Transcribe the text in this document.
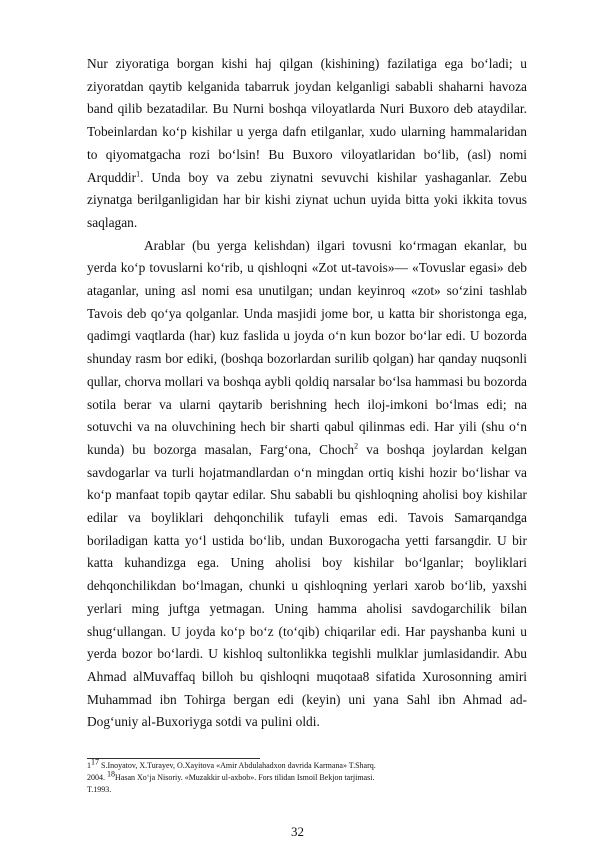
Nur ziyoratiga borgan kishi haj qilgan (kishining) fazilatiga ega bo‘ladi; u ziyoratdan qaytib kelganida tabarruk joydan kelganligi sababli shaharni havoza band qilib bezatadilar. Bu Nurni boshqa viloyatlarda Nuri Buxoro deb ataydilar. Tobeinlardan ko‘p kishilar u yerga dafn etilganlar, xudo ularning hammalaridan to qiyomatgacha rozi bo‘lsin! Bu Buxoro viloyatlaridan bo‘lib, (asl) nomi Arquddir$^1$. Unda boy va zebu ziynatni sevuvchi kishilar yashaganlar. Zebu ziynatga berilganligidan har bir kishi ziynat uchun uyida bitta yoki ikkita tovus saqlagan.

Arablar (bu yerga kelishdan) ilgari tovusni ko‘rmagan ekanlar, bu yerda ko‘p tovuslarni ko‘rib, u qishloqni «Zot ut-tavois»— «Tovuslar egasi» deb ataganlar, uning asl nomi esa unutilgan; undan keyinroq «zot» so‘zini tashlab Tavois deb qo‘ya qolganlar. Unda masjidi jome bor, u katta bir shoristonga ega, qadimgi vaqtlarda (har) kuz faslida u joyda o‘n kun bozor bo‘lar edi. U bozorda shunday rasm bor ediki, (boshqa bozorlardan surilib qolgan) har qanday nuqsonli qullar, chorva mollari va boshqa aybli qoldiq narsalar bo‘lsa hammasi bu bozorda sotila berar va ularni qaytarib berishning hech iloj-imkoni bo‘lmas edi; na sotuvchi va na oluvchining hech bir sharti qabul qilinmas edi. Har yili (shu o‘n kunda) bu bozorga masalan, Farg‘ona, Choch$^2$ va boshqa joylardan kelgan savdogarlar va turli hojatmandlardan o‘n mingdan ortiq kishi hozir bo‘lishar va ko‘p manfaat topib qaytar edilar. Shu sababli bu qishloqning aholisi boy kishilar edilar va boyliklari dehqonchilik tufayli emas edi. Tavois Samarqandga boriladigan katta yo‘l ustida bo‘lib, undan Buxorogacha yetti farsangdir. U bir katta kuhandizga ega. Uning aholisi boy kishilar bo‘lganlar; boyliklari dehqonchilikdan bo‘lmagan, chunki u qishloqning yerlari xarob bo‘lib, yaxshi yerlari ming juftga yetmagan. Uning hamma aholisi savdogarchilik bilan shug‘ullangan. U joyda ko‘p bo‘z (to‘qib) chiqarilar edi. Har payshanba kuni u yerda bozor bo‘lardi. U kishloq sultonlikka tegishli mulklar jumlasidandir. Abu Ahmad alMuvaffaq billoh bu qishloqni muqotaa8 sifatida Xurosonning amiri Muhammad ibn Tohirga bergan edi (keyin) uni yana Sahl ibn Ahmad ad-Dog‘uniy al-Buxoriyga sotdi va pulini oldi.

$1^{17}$ S.Inoyatov, X.Turayev, O.Xayitova «Amir Abdulahadxon davrida Karmana» T.Sharq.
2004. $^{18}$Hasan Xo‘ja Nisoriy. «Muzakkir ul-axbob». Fors tilidan Ismoil Bekjon tarjimasi.
T.1993.
32
